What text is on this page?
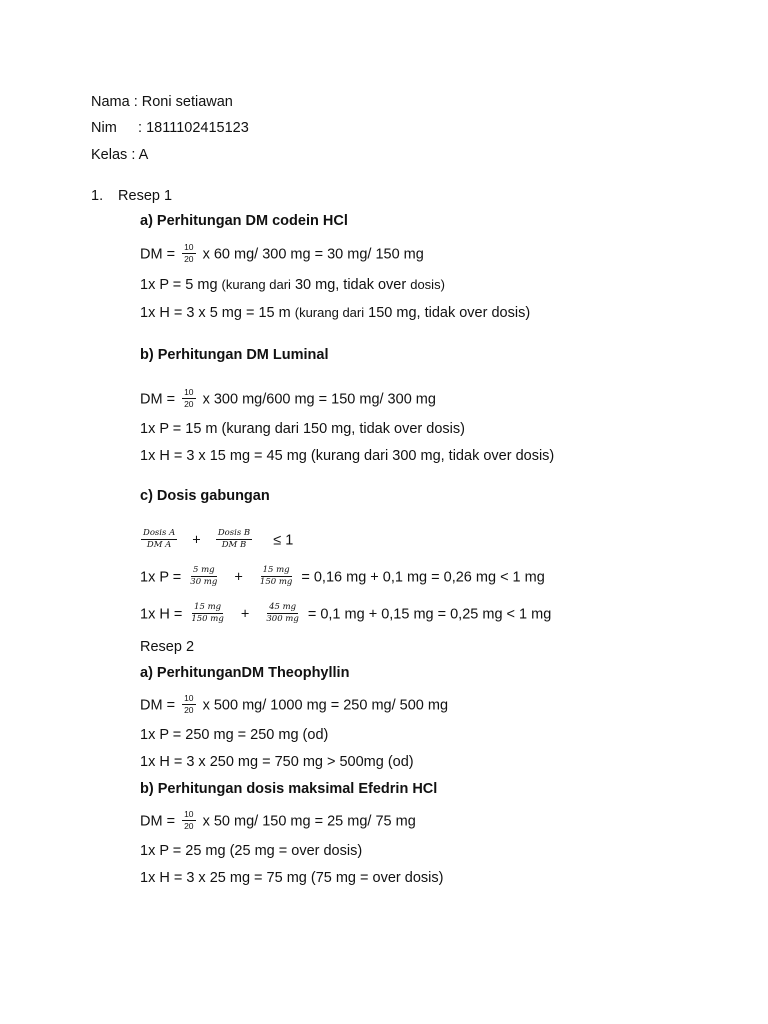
Nama : Roni setiawan
Nim : 1811102415123
Kelas : A
1. Resep 1
a) Perhitungan DM codein HCl
DM = $\frac{10}{20}$ x 60 mg/ 300 mg = 30 mg/ 150 mg
1x P = 5 mg (kurang dari 30 mg, tidak over dosis)
1x H = 3 x 5 mg = 15 m (kurang dari 150 mg, tidak over dosis)
b) Perhitungan DM Luminal
DM = $\frac{10}{20}$ x 300 mg/600 mg = 150 mg/ 300 mg
1x P = 15 m (kurang dari 150 mg, tidak over dosis)
1x H = 3 x 15 mg = 45 mg (kurang dari 300 mg, tidak over dosis)
c) Dosis gabungan
$\frac{\text{Dosis A}}{\text{DM A}} + \frac{\text{Dosis B}}{\text{DM B}} \le 1$
1x $P = \frac{5 mg}{30 mg} + \frac{15 mg}{150 mg} = 0,16$ mg + 0,1 mg = 0,26 mg < 1 mg
1x $H = \frac{15 mg}{150 mg} + \frac{45 mg}{300 mg} = 0,1$ mg + 0,15 mg = 0,25 mg < 1 mg
Resep 2
a) PerhitunganDM Theophyllin
DM = $\frac{10}{20}$ x 500 mg/ 1000 mg = 250 mg/ 500 mg
1x P = 250 mg = 250 mg (od)
1x H = 3 x 250 mg = 750 mg > 500mg (od)
b) Perhitungan dosis maksimal Efedrin HCl
DM = $\frac{10}{20}$ x 50 mg/ 150 mg = 25 mg/ 75 mg
1x P = 25 mg (25 mg = over dosis)
1x H = 3 x 25 mg = 75 mg (75 mg = over dosis)
